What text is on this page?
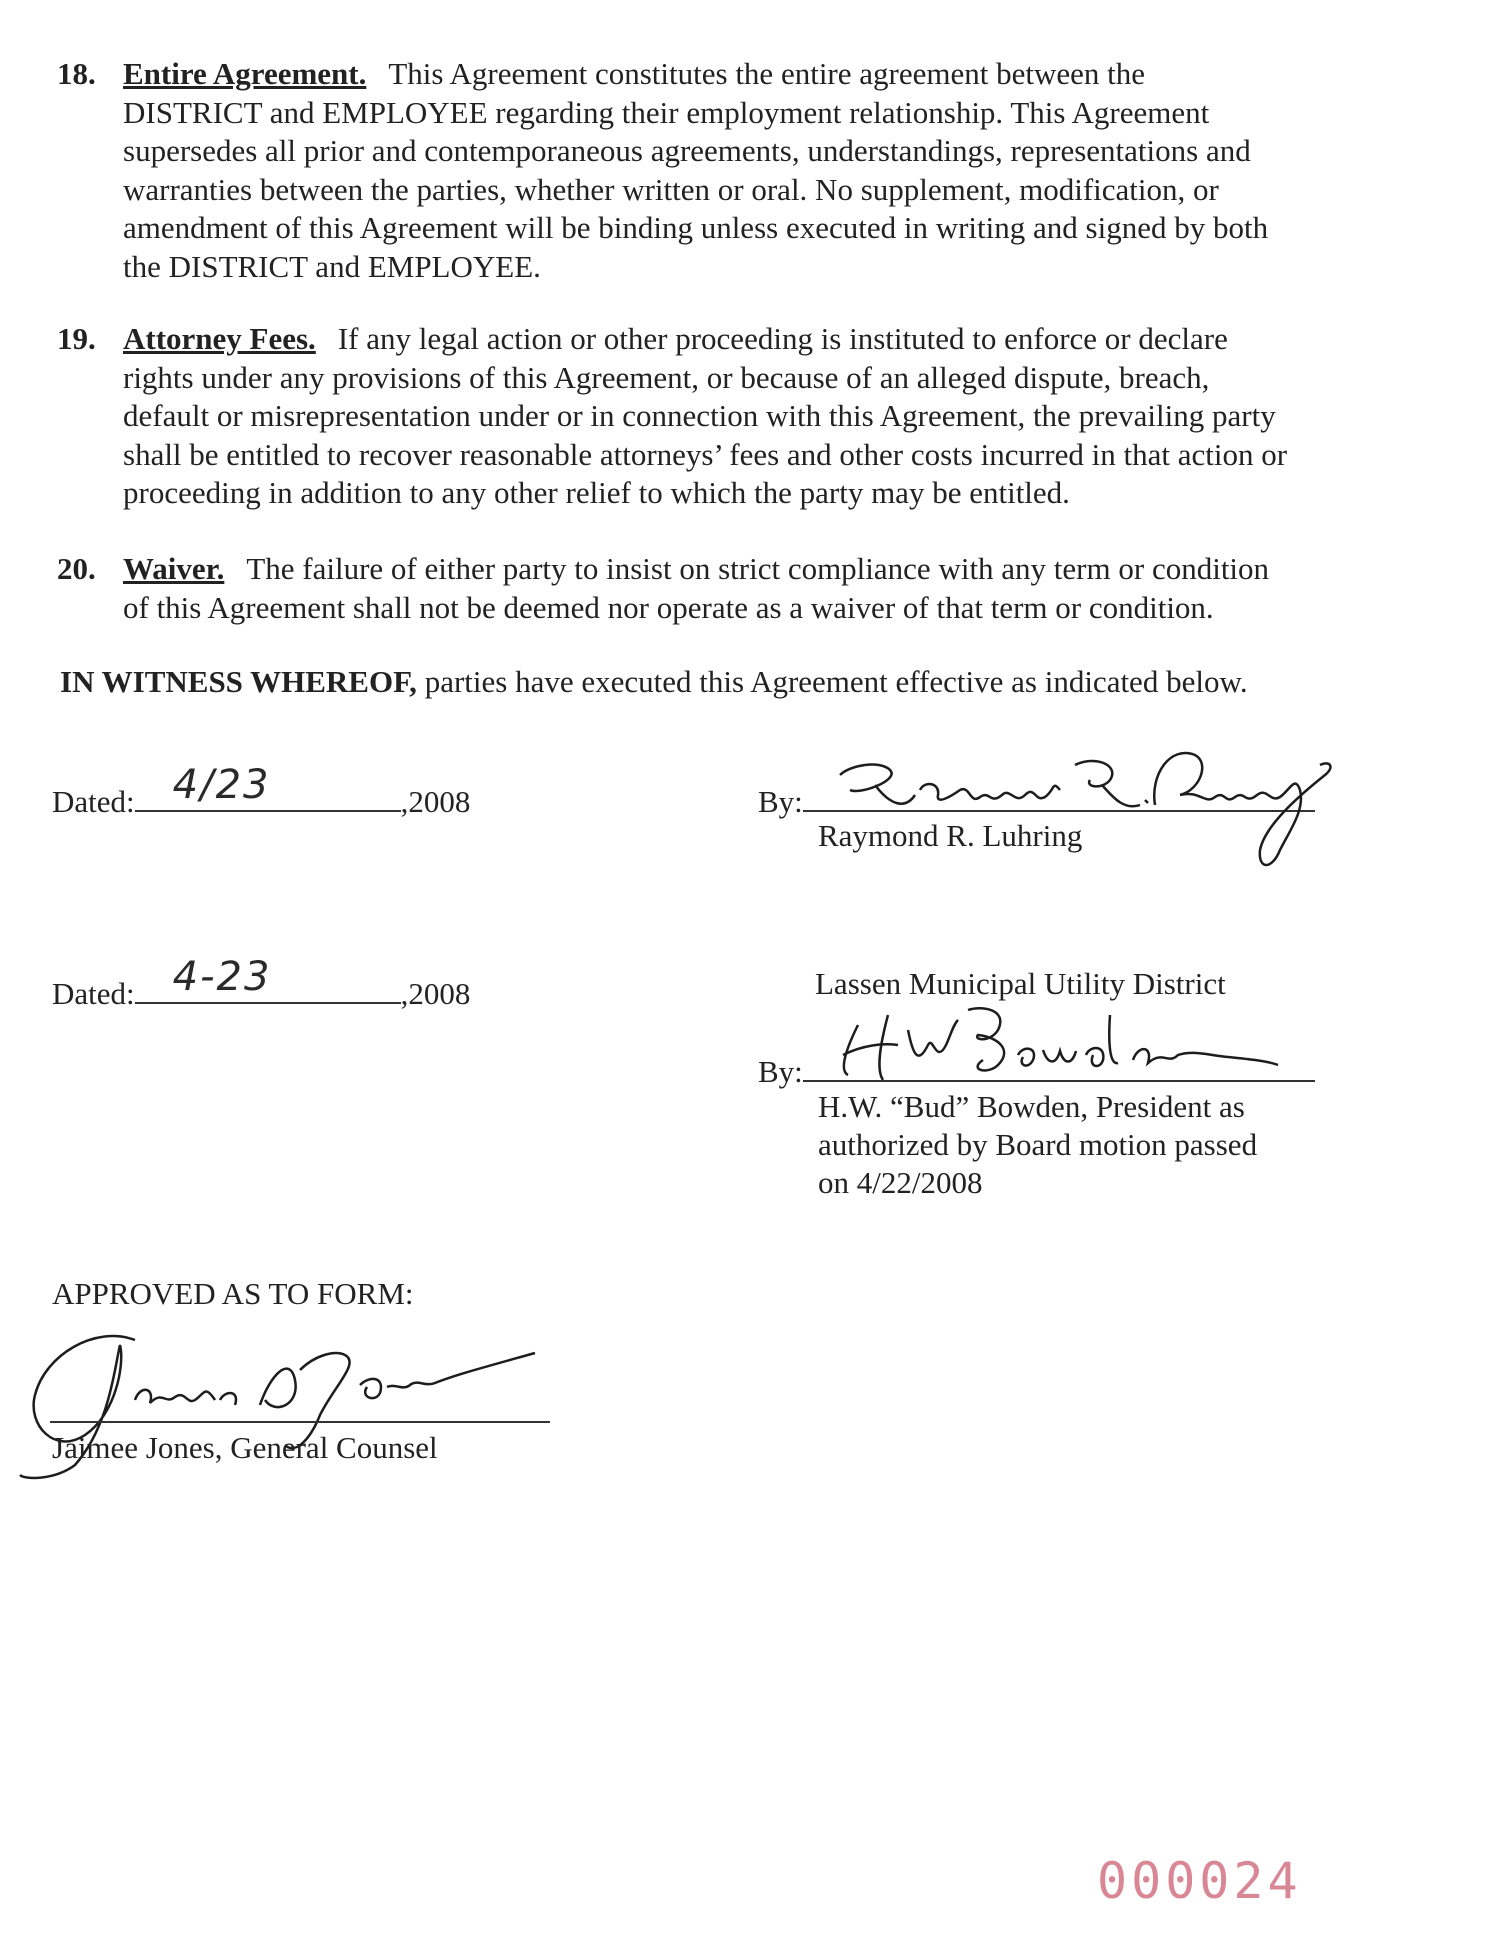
18. Entire Agreement. This Agreement constitutes the entire agreement between the
DISTRICT and EMPLOYEE regarding their employment relationship. This Agreement
supersedes all prior and contemporaneous agreements, understandings, representations and
warranties between the parties, whether written or oral. No supplement, modification, or
amendment of this Agreement will be binding unless executed in writing and signed by both
the DISTRICT and EMPLOYEE.
19. Attorney Fees. If any legal action or other proceeding is instituted to enforce or declare
rights under any provisions of this Agreement, or because of an alleged dispute, breach,
default or misrepresentation under or in connection with this Agreement, the prevailing party
shall be entitled to recover reasonable attorneys’ fees and other costs incurred in that action or
proceeding in addition to any other relief to which the party may be entitled.
20. Waiver. The failure of either party to insist on strict compliance with any term or condition
of this Agreement shall not be deemed nor operate as a waiver of that term or condition.
IN WITNESS WHEREOF, parties have executed this Agreement effective as indicated below.
Dated: 4/23	,2008	By:
Raymond R. Luhring
Dated: 4-23	,2008	Lassen Municipal Utility District
By:
H.W. “Bud” Bowden, President as
authorized by Board motion passed
on 4/22/2008
APPROVED AS TO FORM:
Jaimee Jones, General Counsel
000024
